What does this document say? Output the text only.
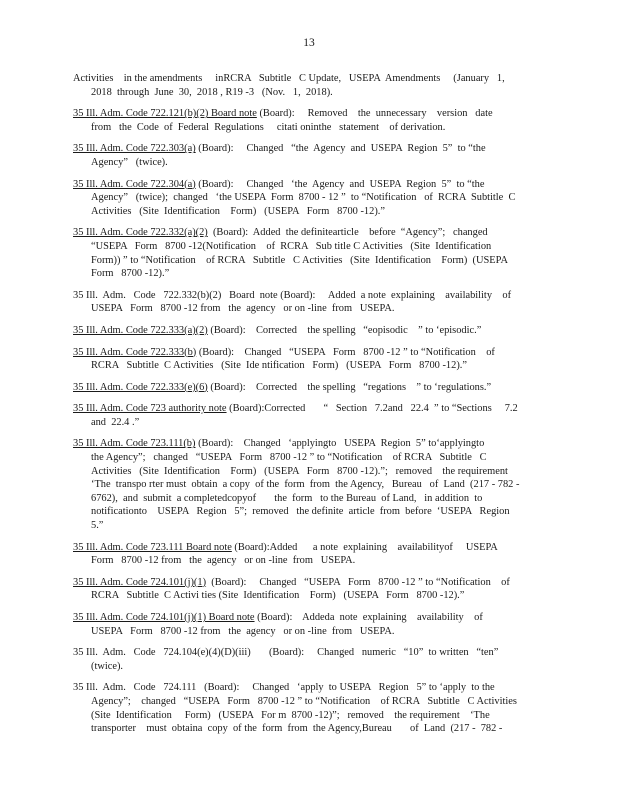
13
Activities    in the amendments     inRCRA   Subtitle   C Update,   USEPA  Amendments     (January   1,
2018  through  June  30,  2018 , R19 -3   (Nov.   1,  2018).
35 Ill. Adm. Code 722.121(b)(2) Board note (Board):     Removed    the  unnecessary    version   date
from   the  Code  of  Federal  Regulations     citati oninthe   statement    of derivation.
35 Ill. Adm. Code 722.303(a) (Board):     Changed   “the  Agency  and  USEPA  Region  5”  to “the
Agency”   (twice).
35 Ill. Adm. Code 722.304(a) (Board):     Changed   ‘the  Agency  and  USEPA  Region  5”  to “the
Agency”   (twice);  changed   ‘the USEPA  Form  8700 - 12 ”  to “Notification   of  RCRA  Subtitle  C
Activities   (Site  Identification    Form)   (USEPA   Form   8700 -12).”
35 Ill. Adm. Code 722.332(a)(2)  (Board):  Added  the definitearticle    before  “Agency”;   changed
“USEPA   Form   8700 -12(Notification    of  RCRA   Sub title C Activities   (Site  Identification
Form)) ” to “Notification    of RCRA   Subtitle   C Activities   (Site  Identification    Form)  (USEPA
Form   8700 -12).”
35 Ill.  Adm.   Code   722.332(b)(2)   Board  note (Board):     Added  a note  explaining    availability    of
USEPA   Form   8700 -12 from   the  agency   or on -line  from   USEPA.
35 Ill. Adm. Code 722.333(a)(2) (Board):    Corrected    the spelling   “eopisodic    ” to ‘episodic.”
35 Ill. Adm. Code 722.333(b) (Board):    Changed   “USEPA   Form   8700 -12 ” to “Notification    of
RCRA   Subtitle  C Activities   (Site  Ide ntification   Form)   (USEPA   Form   8700 -12).”
35 Ill. Adm. Code 722.333(e)(6) (Board):    Corrected    the spelling   “regations    ” to ‘regulations.”
35 Ill. Adm. Code 723 authority note (Board):Corrected       “   Section   7.2and   22.4  ” to “Sections     7.2
and  22.4 .”
35 Ill. Adm. Code 723.111(b) (Board):    Changed   ‘applyingto   USEPA  Region  5” to‘applyingto
the Agency”;   changed   “USEPA   Form   8700 -12 ” to “Notification    of RCRA   Subtitle   C
Activities   (Site  Identification    Form)   (USEPA   Form   8700 -12).”;   removed    the requirement
‘The  transpo rter must  obtain  a copy  of the  form  from  the Agency,   Bureau   of  Land  (217 - 782 -
6762),  and  submit  a completedcopyof       the  form   to the Bureau  of Land,   in addition  to
notificationto    USEPA   Region   5”;  removed   the definite  article  from  before  ‘USEPA   Region
5.”
35 Ill. Adm. Code 723.111 Board note (Board):Added      a note  explaining    availabilityof     USEPA
Form   8700 -12 from   the  agency   or on -line  from   USEPA.
35 Ill. Adm. Code 724.101(j)(1)  (Board):     Changed   “USEPA   Form   8700 -12 ” to “Notification    of
RCRA   Subtitle  C Activi ties (Site  Identification    Form)   (USEPA   Form   8700 -12).”
35 Ill. Adm. Code 724.101(j)(1) Board note (Board):    Addeda  note  explaining    availability    of
USEPA   Form   8700 -12 from   the  agency   or on -line  from   USEPA.
35 Ill.  Adm.   Code   724.104(e)(4)(D)(iii)       (Board):     Changed   numeric   “10”  to written   “ten”
(twice).
35 Ill.  Adm.   Code   724.111   (Board):     Changed   ‘apply  to USEPA   Region   5” to ‘apply  to the
Agency”;    changed   “USEPA   Form   8700 -12 ” to “Notification    of RCRA   Subtitle   C Activities
(Site  Identification     Form)   (USEPA   For m  8700 -12)”;   removed    the requirement    ‘The
transporter    must  obtaina  copy  of the  form  from  the Agency,Bureau       of  Land  (217 -  782 -
